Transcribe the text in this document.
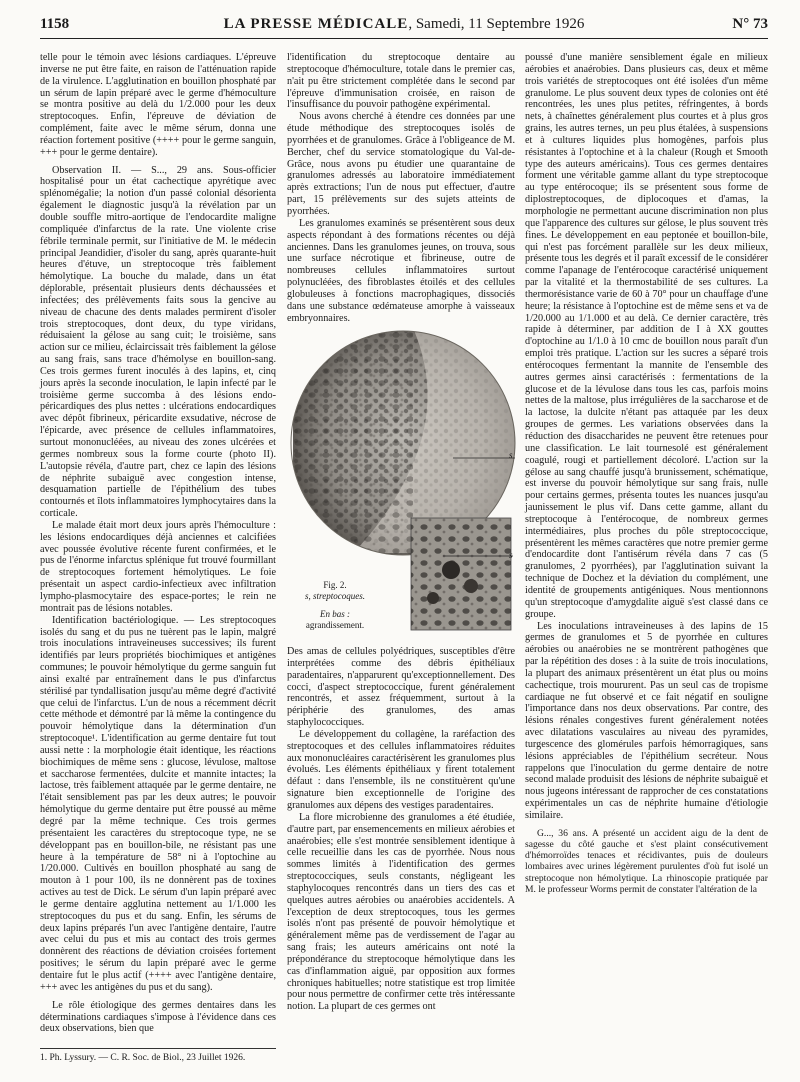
1158	LA PRESSE MÉDICALE, Samedi, 11 Septembre 1926	N° 73

telle pour le témoin avec lésions cardiaques. L'épreuve inverse ne put être faite, en raison de l'atténuation rapide de la virulence. L'agglutination en bouillon phosphaté par un sérum de lapin préparé avec le germe d'hémoculture se montra positive au delà du 1/2.000 pour les deux streptocoques. Enfin, l'épreuve de déviation de complément, faite avec le même sérum, donna une réaction fortement positive (++++ pour le germe sanguin, +++ pour le germe dentaire).

Observation II. — S..., 29 ans. Sous-officier hospitalisé pour un état cachectique apyrétique avec splénomégalie; la notion d'un passé colonial désorienta également le diagnostic jusqu'à la révélation par un double souffle mitro-aortique de l'endocardite maligne compliquée d'infarctus de la rate. Une violente crise fébrile terminale permit, sur l'initiative de M. le médecin principal Jeandidier, d'isoler du sang, après quarante-huit heures d'étuve, un streptocoque très faiblement hémolytique. La bouche du malade, dans un état déplorable, présentait plusieurs dents déchaussées et infectées; des prélèvements faits sous la gencive au niveau de chacune des dents malades permirent d'isoler trois streptocoques, dont deux, du type viridans, réduisaient la gélose au sang cuit; le troisième, sans action sur ce milieu, éclaircissait très faiblement la gélose au sang frais, sans trace d'hémolyse en bouillon-sang. Ces trois germes furent inoculés à des lapins, et, cinq jours après la seconde inoculation, le lapin infecté par le troisième germe succomba à des lésions endo-péricardiques des plus nettes : ulcérations endocardiques avec dépôt fibrineux, péricardite exsudative, nécrose de l'épicarde, avec présence de cellules inflammatoires, surtout mononucléées, au niveau des zones ulcérées et germes nombreux sous la forme courte (photo II). L'autopsie révéla, d'autre part, chez ce lapin des lésions de néphrite subaiguë avec congestion intense, desquamation partielle de l'épithélium des tubes contournés et îlots inflammatoires lymphocytaires dans la corticale.

Le malade était mort deux jours après l'hémoculture : les lésions endocardiques déjà anciennes et calcifiées avec poussée évolutive récente furent confirmées, et le pus de l'énorme infarctus splénique fut trouvé fourmillant de streptocoques fortement hémolytiques. Le foie présentait un aspect cardio-infectieux avec infiltration lympho-plasmocytaire des espace-portes; le rein ne montrait pas de lésions notables.

Identification bactériologique. — Les streptocoques isolés du sang et du pus ne tuèrent pas le lapin, malgré trois inoculations intraveineuses successives; ils furent identifiés par leurs propriétés biochimiques et antigènes communes; le pouvoir hémolytique du germe sanguin fut ainsi exalté par entraînement dans le pus d'infarctus stérilisé par tyndallisation jusqu'au même degré d'activité que celui de l'infarctus. L'un de nous a récemment décrit cette méthode et démontré par là même la contingence du pouvoir hémolytique dans la détermination d'un streptocoque¹. L'identification au germe dentaire fut tout aussi nette : la morphologie était identique, les réactions biochimiques de même sens : glucose, lévulose, maltose et saccharose fermentées, dulcite et mannite intactes; la lactose, très faiblement attaquée par le germe dentaire, ne l'était sensiblement pas par les deux autres; le pouvoir hémolytique du germe dentaire put être poussé au même degré par la même technique. Ces trois germes présentaient les caractères du streptocoque type, ne se développant pas en bouillon-bile, ne résistant pas une heure à la température de 58° ni à l'optochine au 1/20.000. Cultivés en bouillon phosphaté au sang de mouton à 1 pour 100, ils ne donnèrent pas de toxines actives au test de Dick. Le sérum d'un lapin préparé avec le germe dentaire agglutina nettement au 1/1.000 les streptocoques du pus et du sang. Enfin, les sérums de deux lapins préparés l'un avec l'antigène dentaire, l'autre avec celui du pus et mis au contact des trois germes donnèrent des réactions de déviation croisées fortement positives; le sérum du lapin préparé avec le germe dentaire fut le plus actif (++++ avec l'antigène dentaire, +++ avec les antigènes du pus et du sang).

Le rôle étiologique des germes dentaires dans les déterminations cardiaques s'impose à l'évidence dans ces deux observations, bien que

1. Ph. Lyssury. — C. R. Soc. de Biol., 23 Juillet 1926.

l'identification du streptocoque dentaire au streptocoque d'hémoculture, totale dans le premier cas, n'ait pu être strictement complétée dans le second par l'épreuve d'immunisation croisée, en raison de l'insuffisance du pouvoir pathogène expérimental.

Nous avons cherché à étendre ces données par une étude méthodique des streptocoques isolés de pyorrhées et de granulomes. Grâce à l'obligeance de M. Bercher, chef du service stomatologique du Val-de-Grâce, nous avons pu étudier une quarantaine de granulomes adressés au laboratoire immédiatement après extractions; l'un de nous put effectuer, d'autre part, 15 prélèvements sur des sujets atteints de pyorrhées.

Les granulomes examinés se présentèrent sous deux aspects répondant à des formations récentes ou déjà anciennes. Dans les granulomes jeunes, on trouva, sous une surface nécrotique et fibrineuse, outre de nombreuses cellules inflammatoires surtout polynucléées, des fibroblastes étoilés et des cellules globuleuses à fonctions macrophagiques, dissociés dans une substance œdémateuse amorphe à vaisseaux embryonnaires.

Des amas de cellules polyédriques, susceptibles d'être interprétées comme des débris épithéliaux paradentaires, n'apparurent qu'exceptionnellement. Des cocci, d'aspect streptococcique, furent généralement rencontrés, et assez fréquemment, surtout à la périphérie des granulomes, des amas staphylococciques.

Le développement du collagène, la raréfaction des streptocoques et des cellules inflammatoires réduites aux mononucléaires caractérisèrent les granulomes plus évolués. Les éléments épithéliaux y firent totalement défaut : dans l'ensemble, ils ne constituèrent qu'une signature bien exceptionnelle de l'origine des granulomes aux dépens des vestiges paradentaires.

La flore microbienne des granulomes a été étudiée, d'autre part, par ensemencements en milieux aérobies et anaérobies; elle s'est montrée sensiblement identique à celle recueillie dans les cas de pyorrhée. Nous nous sommes limités à l'identification des germes streptococciques, seuls constants, négligeant les staphylocoques rencontrés dans un tiers des cas et quelques autres aérobies ou anaérobies accidentels. A l'exception de deux streptocoques, tous les germes isolés n'ont pas présenté de pouvoir hémolytique et généralement même pas de verdissement de l'agar au sang frais; les auteurs américains ont noté la prépondérance du streptocoque hémolytique dans les cas d'inflammation aiguë, par opposition aux formes chroniques habituelles; notre statistique est trop limitée pour nous permettre de confirmer cette très intéressante notion. La plupart de ces germes ont

s
s
Fig. 2.
s, streptocoques.
En bas :
agrandissement.

poussé d'une manière sensiblement égale en milieux aérobies et anaérobies. Dans plusieurs cas, deux et même trois variétés de streptocoques ont été isolées d'un même granulome. Le plus souvent deux types de colonies ont été rencontrées, les unes plus petites, réfringentes, à bords nets, à chaînettes généralement plus courtes et à plus gros grains, les autres ternes, un peu plus étalées, à suspensions et à cultures liquides plus homogènes, parfois plus résistantes à l'optochine et à la chaleur (Rough et Smooth type des auteurs américains). Tous ces germes dentaires forment une véritable gamme allant du type streptocoque au type entérocoque; ils se présentent sous forme de diplostreptocoques, de diplocoques et d'amas, la morphologie ne permettant aucune discrimination non plus que l'apparence des cultures sur gélose, le plus souvent très fines. Le développement en eau peptonée et bouillon-bile, qui n'est pas forcément parallèle sur les deux milieux, présente tous les degrés et il paraît excessif de le considérer comme l'apanage de l'entérocoque caractérisé uniquement par la vitalité et la thermostabilité de ses cultures. La thermorésistance varie de 60 à 70° pour un chauffage d'une heure; la résistance à l'optochine est de même sens et va de 1/20.000 au 1/1.000 et au delà. Ce dernier caractère, très rapide à déterminer, par addition de I à XX gouttes d'optochine au 1/1.0 à 10 cmc de bouillon nous paraît d'un emploi très pratique. L'action sur les sucres a séparé trois entérocoques fermentant la mannite de l'ensemble des autres germes ainsi caractérisés : fermentations de la glucose et de la lévulose dans tous les cas, parfois moins nettes de la maltose, plus irrégulières de la saccharose et de la lactose, la dulcite n'étant pas attaquée par les deux groupes de germes. Les variations observées dans la réduction des disaccharides ne peuvent être retenues pour une classification. Le lait tournesolé est généralement coagulé, rougi et partiellement décoloré. L'action sur la gélose au sang chauffé jusqu'à brunissement, schématique, est inverse du pouvoir hémolytique sur sang frais, nulle pour certains germes, présenta toutes les nuances jusqu'au jaunissement le plus vif. Dans cette gamme, allant du streptocoque à l'entérocoque, de nombreux germes intermédiaires, plus proches du pôle streptococcique, présentèrent les mêmes caractères que notre premier germe d'endocardite dont l'antisérum révéla dans 7 cas (5 granulomes, 2 pyorrhées), par l'agglutination suivant la technique de Dochez et la déviation du complément, une identité de groupements antigéniques. Nous mentionnons qu'un streptocoque d'amygdalite aiguë s'est classé dans ce groupe.

Les inoculations intraveineuses à des lapins de 15 germes de granulomes et 5 de pyorrhée en cultures aérobies ou anaérobies ne se montrèrent pathogènes que par la répétition des doses : à la suite de trois inoculations, la plupart des animaux présentèrent un état plus ou moins cachectique, trois moururent. Pas un seul cas de tropisme cardiaque ne fut observé et ce fait négatif en souligne l'importance dans nos deux observations. Par contre, des lésions rénales congestives furent généralement notées avec dilatations vasculaires au niveau des pyramides, turgescence des glomérules parfois hémorragiques, sans lésions appréciables de l'épithélium secréteur. Nous rappelons que l'inoculation du germe dentaire de notre second malade produisit des lésions de néphrite subaiguë et nous jugeons intéressant de rapprocher de ces constatations expérimentales un cas de néphrite humaine d'étiologie similaire.

G..., 36 ans. A présenté un accident aigu de la dent de sagesse du côté gauche et s'est plaint consécutivement d'hémorroïdes tenaces et récidivantes, puis de douleurs lombaires avec urines légèrement purulentes d'où fut isolé un streptocoque non hémolytique. La rhinoscopie pratiquée par M. le professeur Worms permit de constater l'altération de la
